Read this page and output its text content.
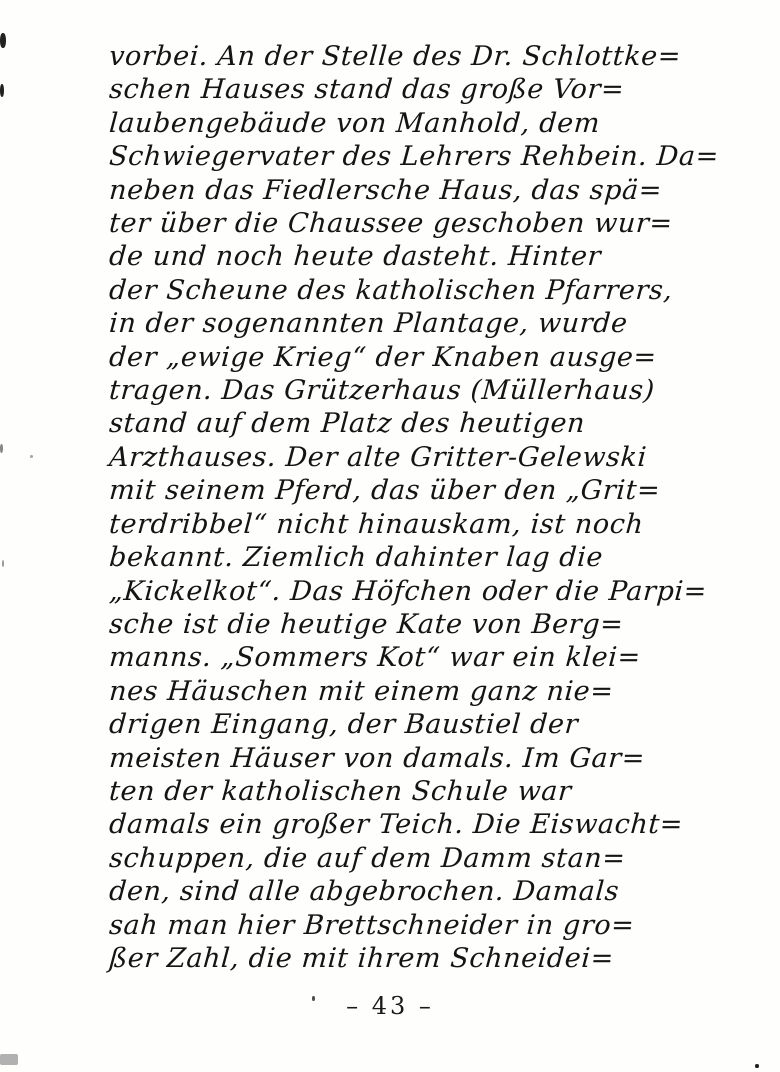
vorbei. An der Stelle des Dr. Schlottke=
schen Hauses stand das große Vor=
laubengebäude von Manhold, dem
Schwiegervater des Lehrers Rehbein. Da=
neben das Fiedlersche Haus, das spä=
ter über die Chaussee geschoben wur=
de und noch heute dasteht. Hinter
der Scheune des katholischen Pfarrers,
in der sogenannten Plantage, wurde
der „ewige Krieg“ der Knaben ausge=
tragen. Das Grützerhaus (Müllerhaus)
stand auf dem Platz des heutigen
Arzthauses. Der alte Gritter-Gelewski
mit seinem Pferd, das über den „Grit=
terdribbel“ nicht hinauskam, ist noch
bekannt. Ziemlich dahinter lag die
„Kickelkot“. Das Höfchen oder die Parpi=
sche ist die heutige Kate von Berg=
manns. „Sommers Kot“ war ein klei=
nes Häuschen mit einem ganz nie=
drigen Eingang, der Baustiel der
meisten Häuser von damals. Im Gar=
ten der katholischen Schule war
damals ein großer Teich. Die Eiswacht=
schuppen, die auf dem Damm stan=
den, sind alle abgebrochen. Damals
sah man hier Brettschneider in gro=
ßer Zahl, die mit ihrem Schneidei=
– 43 –
